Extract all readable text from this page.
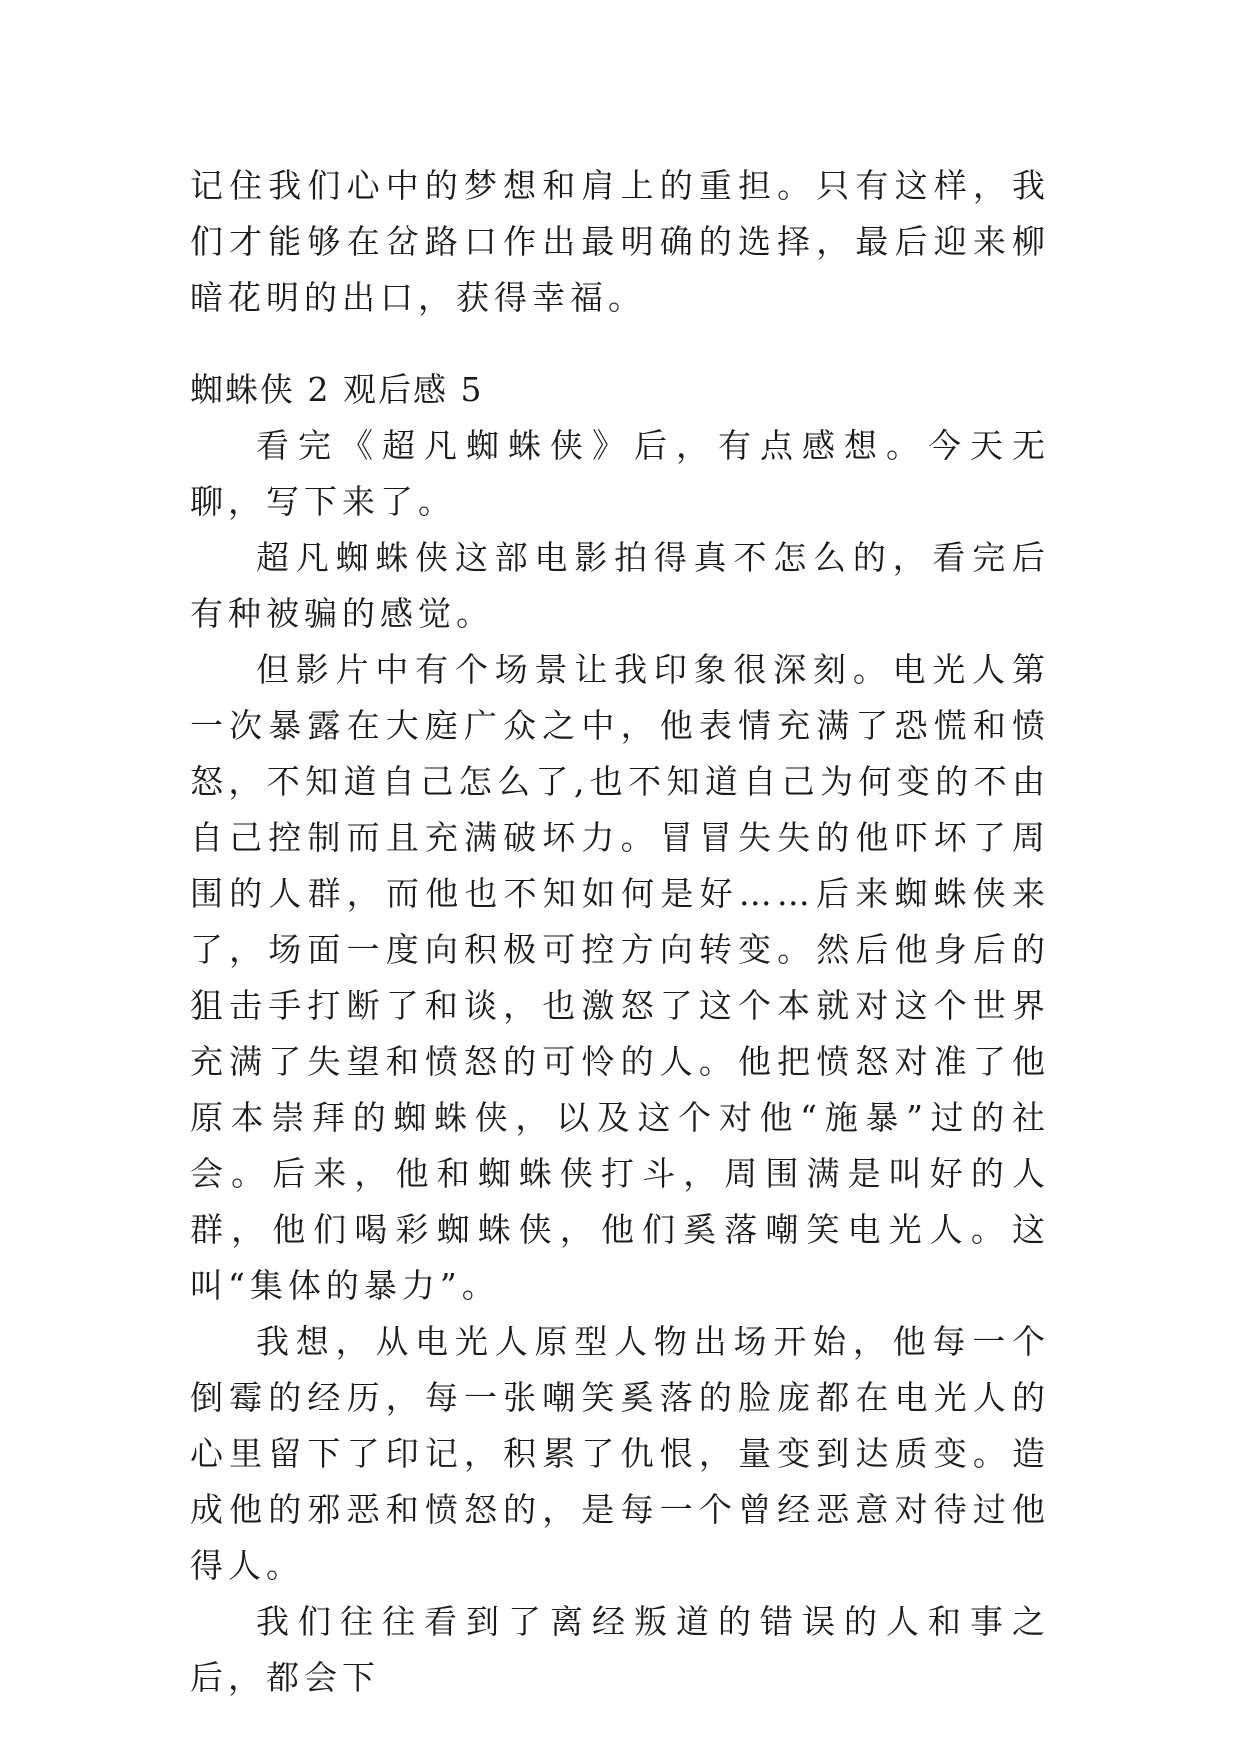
记住我们心中的梦想和肩上的重担。只有这样，我们才能够在岔路口作出最明确的选择，最后迎来柳暗花明的出口，获得幸福。

蜘蛛侠 2 观后感 5

看完《超凡蜘蛛侠》后，有点感想。今天无聊，写下来了。

超凡蜘蛛侠这部电影拍得真不怎么的，看完后有种被骗的感觉。

但影片中有个场景让我印象很深刻。电光人第一次暴露在大庭广众之中，他表情充满了恐慌和愤怒，不知道自己怎么了,也不知道自己为何变的不由自己控制而且充满破坏力。冒冒失失的他吓坏了周围的人群，而他也不知如何是好……后来蜘蛛侠来了，场面一度向积极可控方向转变。然后他身后的狙击手打断了和谈，也激怒了这个本就对这个世界充满了失望和愤怒的可怜的人。他把愤怒对准了他原本崇拜的蜘蛛侠，以及这个对他“施暴”过的社会。后来，他和蜘蛛侠打斗，周围满是叫好的人群，他们喝彩蜘蛛侠，他们奚落嘲笑电光人。这叫“集体的暴力”。

我想，从电光人原型人物出场开始，他每一个倒霉的经历，每一张嘲笑奚落的脸庞都在电光人的心里留下了印记，积累了仇恨，量变到达质变。造成他的邪恶和愤怒的，是每一个曾经恶意对待过他得人。

我们往往看到了离经叛道的错误的人和事之后，都会下
